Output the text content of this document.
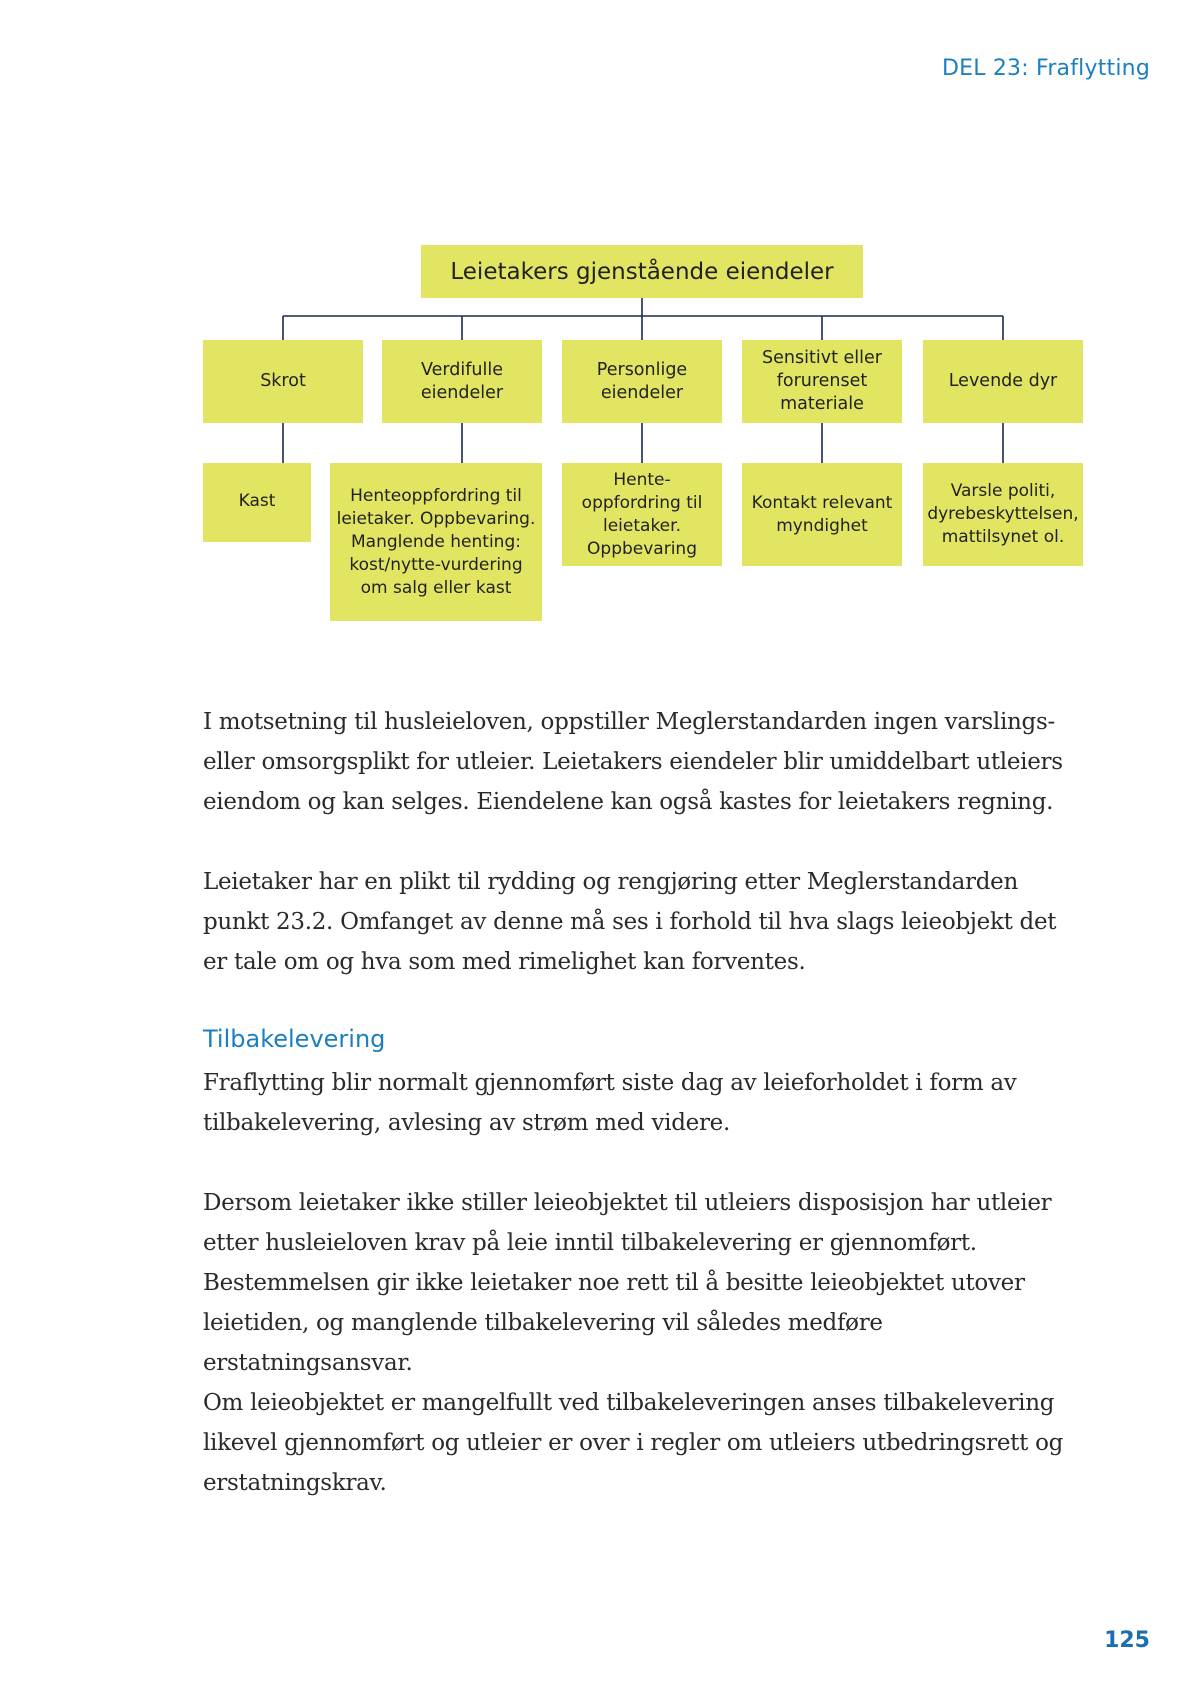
DEL 23: Fraflytting
Leietakers gjenstående eiendeler
Skrot
Verdifulle eiendeler
Personlige eiendeler
Sensitivt eller forurenset materiale
Levende dyr
Kast	Henteoppfordring til leietaker. Oppbevaring. Manglende henting: kost/nytte-vurdering om salg eller kast
Hente-oppfordring til leietaker. Oppbevaring
Kontakt relevant myndighet
Varsle politi, dyrebeskyttelsen, mattilsynet ol.

I motsetning til husleieloven, oppstiller Meglerstandarden ingen varslings- eller omsorgsplikt for utleier. Leietakers eiendeler blir umiddelbart utleiers eiendom og kan selges. Eiendelene kan også kastes for leietakers regning.

Leietaker har en plikt til rydding og rengjøring etter Meglerstandarden punkt 23.2. Omfanget av denne må ses i forhold til hva slags leieobjekt det er tale om og hva som med rimelighet kan forventes.

Tilbakelevering

Fraflytting blir normalt gjennomført siste dag av leieforholdet i form av tilbakelevering, avlesing av strøm med videre.

Dersom leietaker ikke stiller leieobjektet til utleiers disposisjon har utleier etter husleieloven krav på leie inntil tilbakelevering er gjennomført. Bestemmelsen gir ikke leietaker noe rett til å besitte leieobjektet utover leietiden, og manglende tilbakelevering vil således medføre erstatningsansvar.

Om leieobjektet er mangelfullt ved tilbakeleveringen anses tilbakelevering likevel gjennomført og utleier er over i regler om utleiers utbedringsrett og erstatningskrav.

125
